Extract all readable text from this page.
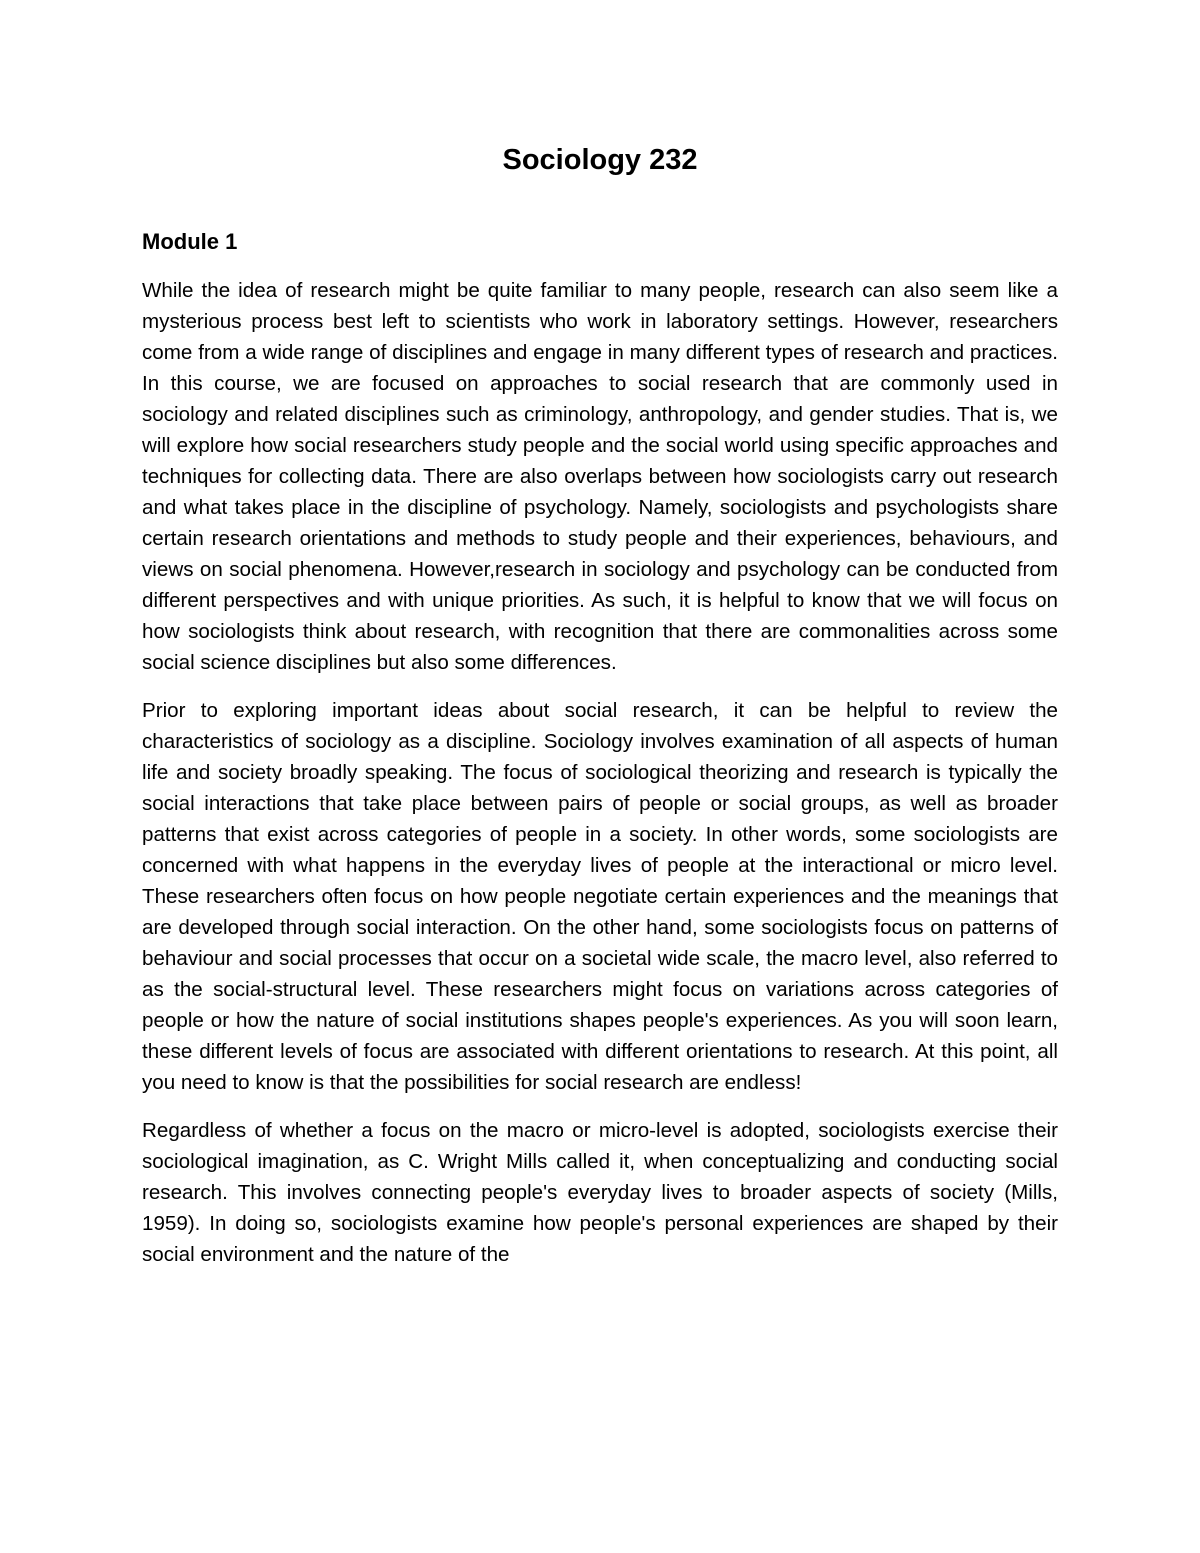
Sociology 232
Module 1

While the idea of research might be quite familiar to many people, research can also seem like a mysterious process best left to scientists who work in laboratory settings. However, researchers come from a wide range of disciplines and engage in many different types of research and practices. In this course, we are focused on approaches to social research that are commonly used in sociology and related disciplines such as criminology, anthropology, and gender studies. That is, we will explore how social researchers study people and the social world using specific approaches and techniques for collecting data. There are also overlaps between how sociologists carry out research and what takes place in the discipline of psychology. Namely, sociologists and psychologists share certain research orientations and methods to study people and their experiences, behaviours, and views on social phenomena. However,research in sociology and psychology can be conducted from different perspectives and with unique priorities. As such, it is helpful to know that we will focus on how sociologists think about research, with recognition that there are commonalities across some social science disciplines but also some differences.

Prior to exploring important ideas about social research, it can be helpful to review the characteristics of sociology as a discipline. Sociology involves examination of all aspects of human life and society broadly speaking. The focus of sociological theorizing and research is typically the social interactions that take place between pairs of people or social groups, as well as broader patterns that exist across categories of people in a society. In other words, some sociologists are concerned with what happens in the everyday lives of people at the interactional or micro level. These researchers often focus on how people negotiate certain experiences and the meanings that are developed through social interaction. On the other hand, some sociologists focus on patterns of behaviour and social processes that occur on a societal wide scale, the macro level, also referred to as the social-structural level. These researchers might focus on variations across categories of people or how the nature of social institutions shapes people's experiences. As you will soon learn, these different levels of focus are associated with different orientations to research. At this point, all you need to know is that the possibilities for social research are endless!

Regardless of whether a focus on the macro or micro-level is adopted, sociologists exercise their sociological imagination, as C. Wright Mills called it, when conceptualizing and conducting social research. This involves connecting people's everyday lives to broader aspects of society (Mills, 1959). In doing so, sociologists examine how people's personal experiences are shaped by their social environment and the nature of the
